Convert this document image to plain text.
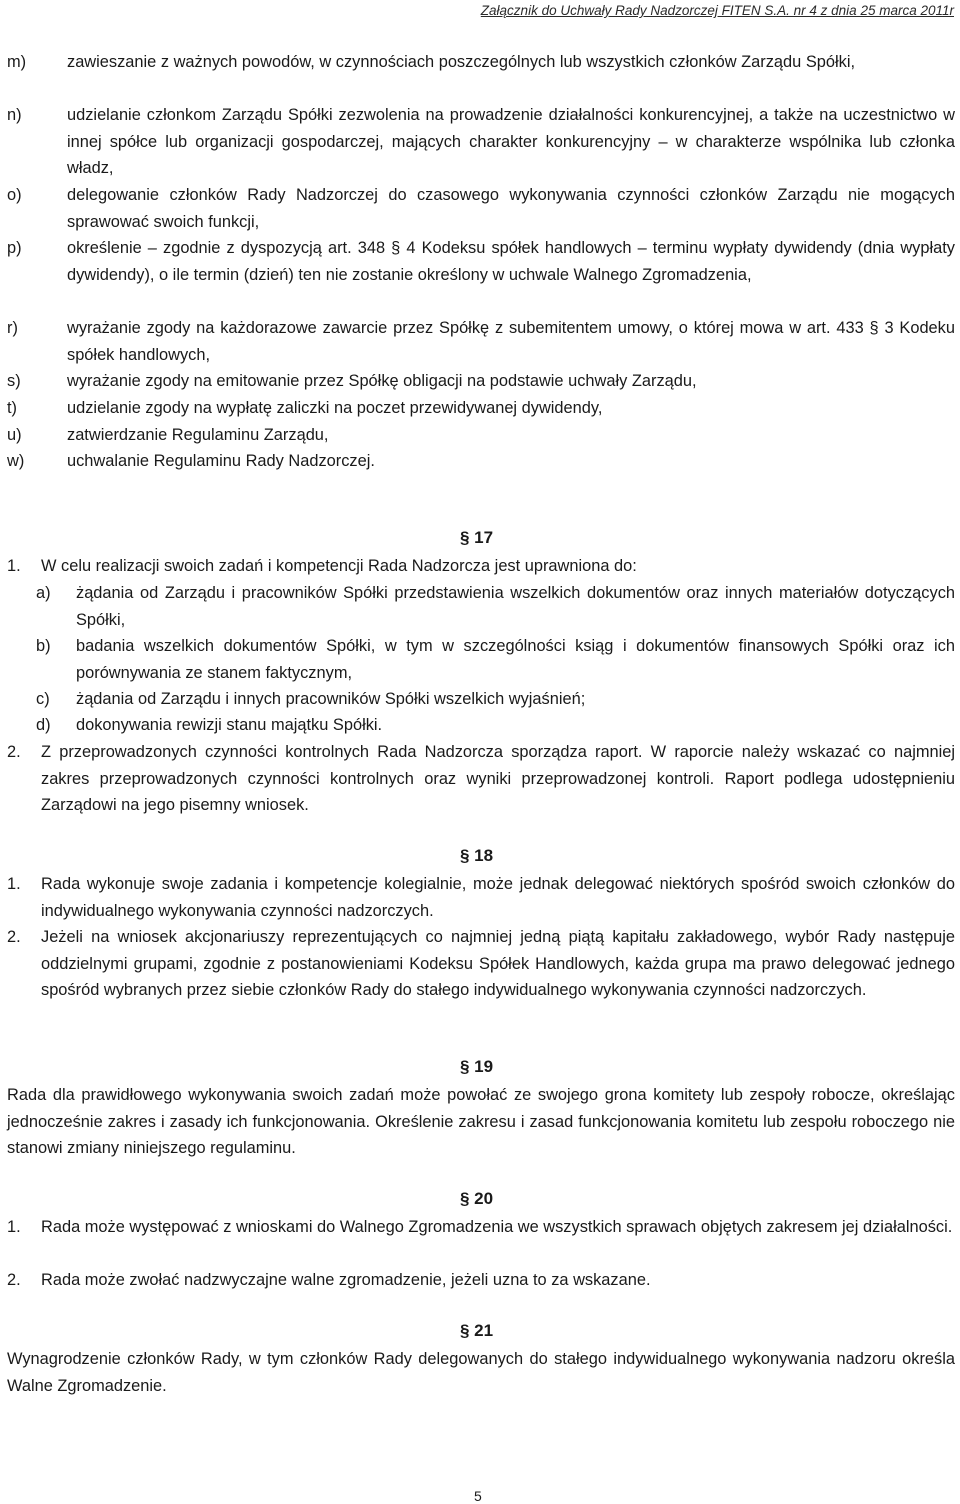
Załącznik do Uchwały Rady Nadzorczej FITEN S.A. nr 4 z dnia 25 marca 2011r
m) zawieszanie z ważnych powodów, w czynnościach poszczególnych lub wszystkich członków Zarządu Spółki,
n)	udzielanie członkom Zarządu Spółki zezwolenia na prowadzenie działalności konkurencyjnej, a także na uczestnictwo w innej spółce lub organizacji gospodarczej, mających charakter konkurencyjny – w charakterze wspólnika lub członka władz,
o)	delegowanie członków Rady Nadzorczej do czasowego wykonywania czynności członków Zarządu nie mogących sprawować swoich funkcji,
p)	określenie – zgodnie z dyspozycją art. 348 § 4 Kodeksu spółek handlowych – terminu wypłaty dywidendy (dnia wypłaty dywidendy), o ile termin (dzień) ten nie zostanie określony w uchwale Walnego Zgromadzenia,
r)	wyrażanie zgody na każdorazowe zawarcie przez Spółkę z subemitentem umowy, o której mowa w art. 433 § 3 Kodeku spółek handlowych,
s)	wyrażanie zgody na emitowanie przez Spółkę obligacji na podstawie uchwały Zarządu,
t)	udzielanie zgody na wypłatę zaliczki na poczet przewidywanej dywidendy,
u)	zatwierdzanie Regulaminu Zarządu,
w)	uchwalanie Regulaminu Rady Nadzorczej.
§ 17
1. W celu realizacji swoich zadań i kompetencji Rada Nadzorcza jest uprawniona do:
a) żądania od Zarządu i pracowników Spółki przedstawienia wszelkich dokumentów oraz innych materiałów dotyczących Spółki,
b) badania wszelkich dokumentów Spółki, w tym w szczególności ksiąg i dokumentów finansowych Spółki oraz ich porównywania ze stanem faktycznym,
c) żądania od Zarządu i innych pracowników Spółki wszelkich wyjaśnień;
d) dokonywania rewizji stanu majątku Spółki.
2. Z przeprowadzonych czynności kontrolnych Rada Nadzorcza sporządza raport. W raporcie należy wskazać co najmniej zakres przeprowadzonych czynności kontrolnych oraz wyniki przeprowadzonej kontroli. Raport podlega udostępnieniu Zarządowi na jego pisemny wniosek.
§ 18
1. Rada wykonuje swoje zadania i kompetencje kolegialnie, może jednak delegować niektórych spośród swoich członków do indywidualnego wykonywania czynności nadzorczych.
2. Jeżeli na wniosek akcjonariuszy reprezentujących co najmniej jedną piątą kapitału zakładowego, wybór Rady następuje oddzielnymi grupami, zgodnie z postanowieniami Kodeksu Spółek Handlowych, każda grupa ma prawo delegować jednego spośród wybranych przez siebie członków Rady do stałego indywidualnego wykonywania czynności nadzorczych.
§ 19
Rada dla prawidłowego wykonywania swoich zadań może powołać ze swojego grona komitety lub zespoły robocze, określając jednocześnie zakres i zasady ich funkcjonowania. Określenie zakresu i zasad funkcjonowania komitetu lub zespołu roboczego nie stanowi zmiany niniejszego regulaminu.
§ 20
1. Rada może występować z wnioskami do Walnego Zgromadzenia we wszystkich sprawach objętych zakresem jej działalności.
2. Rada może zwołać nadzwyczajne walne zgromadzenie, jeżeli uzna to za wskazane.
§ 21
Wynagrodzenie członków Rady, w tym członków Rady delegowanych do stałego indywidualnego wykonywania nadzoru określa Walne Zgromadzenie.
5
